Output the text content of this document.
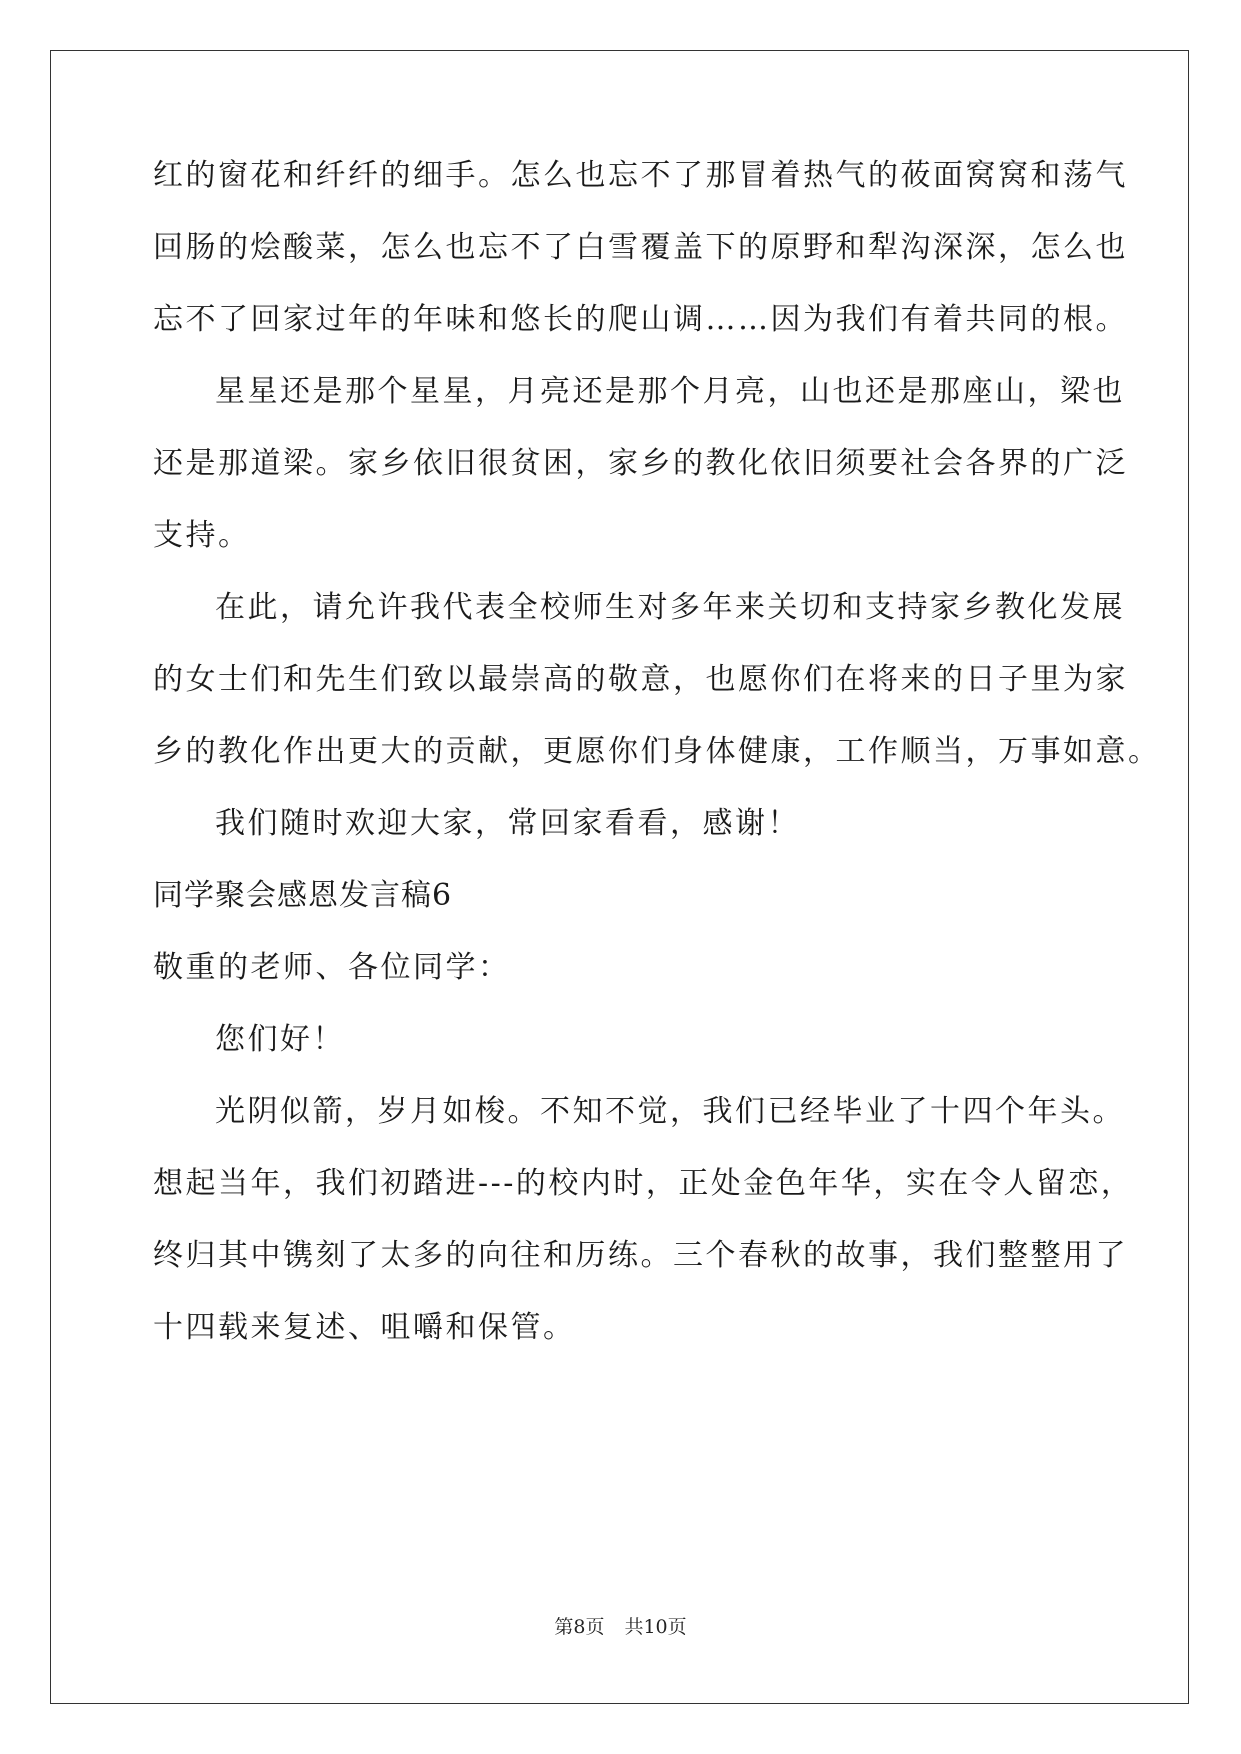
红的窗花和纤纤的细手。怎么也忘不了那冒着热气的莜面窝窝和荡气
回肠的烩酸菜，怎么也忘不了白雪覆盖下的原野和犁沟深深，怎么也
忘不了回家过年的年味和悠长的爬山调……因为我们有着共同的根。
星星还是那个星星，月亮还是那个月亮，山也还是那座山，梁也
还是那道梁。家乡依旧很贫困，家乡的教化依旧须要社会各界的广泛
支持。
在此，请允许我代表全校师生对多年来关切和支持家乡教化发展
的女士们和先生们致以最崇高的敬意，也愿你们在将来的日子里为家
乡的教化作出更大的贡献，更愿你们身体健康，工作顺当，万事如意。
我们随时欢迎大家，常回家看看，感谢！
同学聚会感恩发言稿6
敬重的老师、各位同学：
您们好！
光阴似箭，岁月如梭。不知不觉，我们已经毕业了十四个年头。
想起当年，我们初踏进---的校内时，正处金色年华，实在令人留恋，
终归其中镌刻了太多的向往和历练。三个春秋的故事，我们整整用了
十四载来复述、咀嚼和保管。
第8页 共10页
